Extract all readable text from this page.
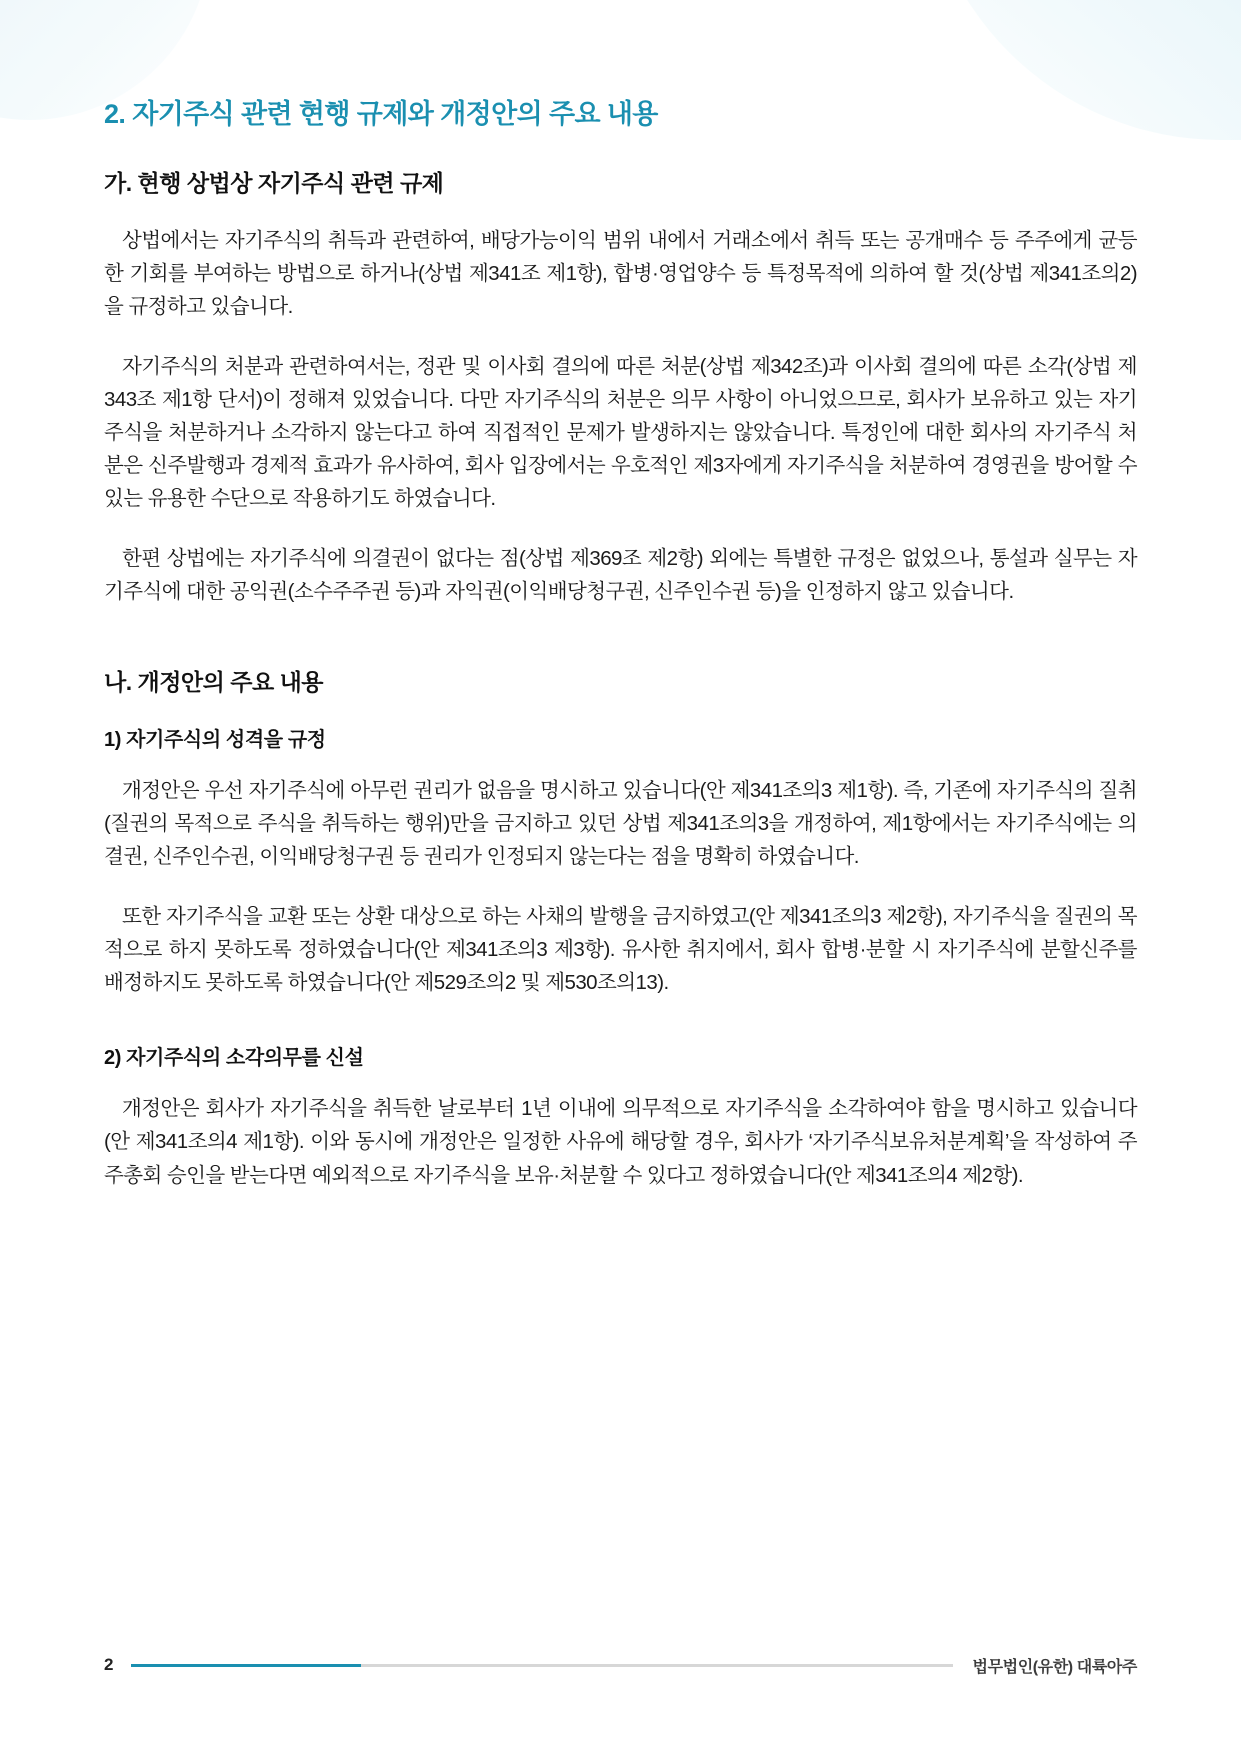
2. 자기주식 관련 현행 규제와 개정안의 주요 내용
가. 현행 상법상 자기주식 관련 규제

상법에서는 자기주식의 취득과 관련하여, 배당가능이익 범위 내에서 거래소에서 취득 또는 공개매수 등 주주에게 균등한 기회를 부여하는 방법으로 하거나(상법 제341조 제1항), 합병·영업양수 등 특정목적에 의하여 할 것(상법 제341조의2)을 규정하고 있습니다.

자기주식의 처분과 관련하여서는, 정관 및 이사회 결의에 따른 처분(상법 제342조)과 이사회 결의에 따른 소각(상법 제343조 제1항 단서)이 정해져 있었습니다. 다만 자기주식의 처분은 의무 사항이 아니었으므로, 회사가 보유하고 있는 자기주식을 처분하거나 소각하지 않는다고 하여 직접적인 문제가 발생하지는 않았습니다. 특정인에 대한 회사의 자기주식 처분은 신주발행과 경제적 효과가 유사하여, 회사 입장에서는 우호적인 제3자에게 자기주식을 처분하여 경영권을 방어할 수 있는 유용한 수단으로 작용하기도 하였습니다.

한편 상법에는 자기주식에 의결권이 없다는 점(상법 제369조 제2항) 외에는 특별한 규정은 없었으나, 통설과 실무는 자기주식에 대한 공익권(소수주주권 등)과 자익권(이익배당청구권, 신주인수권 등)을 인정하지 않고 있습니다.

나. 개정안의 주요 내용
1) 자기주식의 성격을 규정

개정안은 우선 자기주식에 아무런 권리가 없음을 명시하고 있습니다(안 제341조의3 제1항). 즉, 기존에 자기주식의 질취(질권의 목적으로 주식을 취득하는 행위)만을 금지하고 있던 상법 제341조의3을 개정하여, 제1항에서는 자기주식에는 의결권, 신주인수권, 이익배당청구권 등 권리가 인정되지 않는다는 점을 명확히 하였습니다.

또한 자기주식을 교환 또는 상환 대상으로 하는 사채의 발행을 금지하였고(안 제341조의3 제2항), 자기주식을 질권의 목적으로 하지 못하도록 정하였습니다(안 제341조의3 제3항). 유사한 취지에서, 회사 합병·분할 시 자기주식에 분할신주를 배정하지도 못하도록 하였습니다(안 제529조의2 및 제530조의13).

2) 자기주식의 소각의무를 신설

개정안은 회사가 자기주식을 취득한 날로부터 1년 이내에 의무적으로 자기주식을 소각하여야 함을 명시하고 있습니다(안 제341조의4 제1항). 이와 동시에 개정안은 일정한 사유에 해당할 경우, 회사가 ‘자기주식보유처분계획’을 작성하여 주주총회 승인을 받는다면 예외적으로 자기주식을 보유·처분할 수 있다고 정하였습니다(안 제341조의4 제2항).

2	법무법인(유한) 대륙아주
